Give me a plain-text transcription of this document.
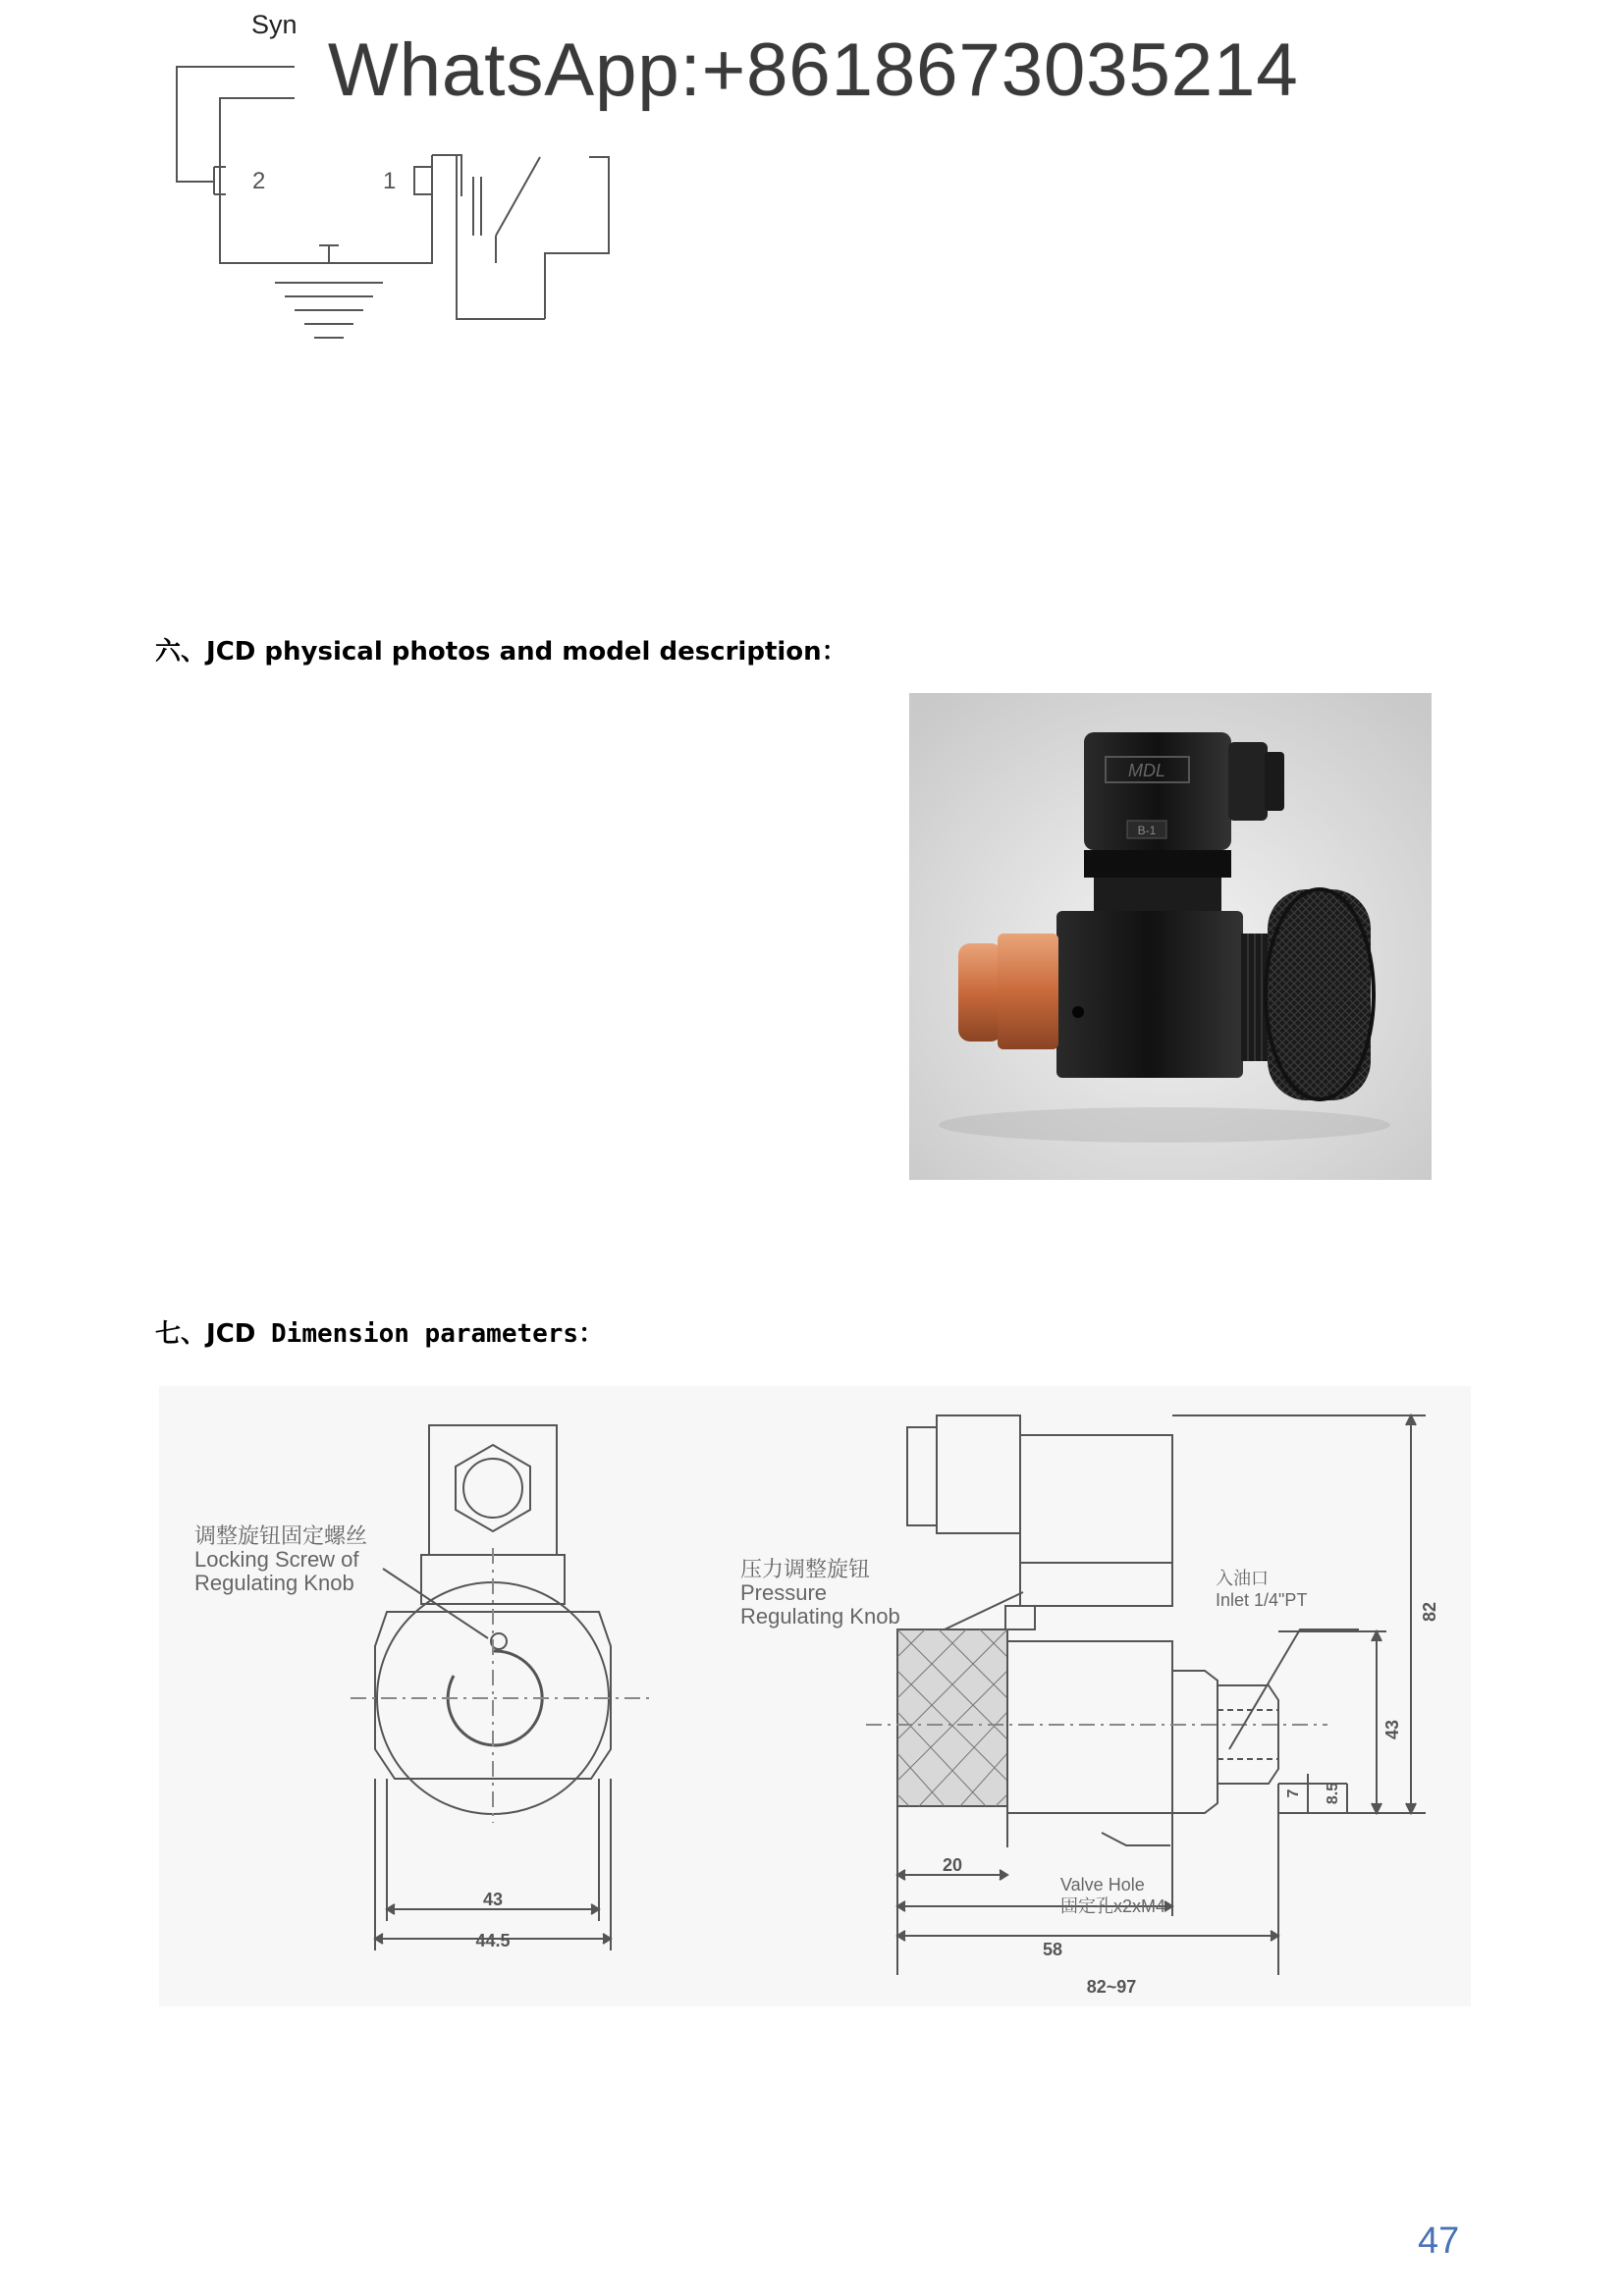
Syn
2	1
WhatsApp:+8618673035214
六、JCD physical photos and model description：
MDL
B-1
七、JCD Dimension parameters：
调整旋钮固定螺丝
Locking Screw of
Regulating Knob
43
44.5
压力调整旋钮
Pressure
Regulating Knob
入油口
Inlet 1/4"PT
Valve Hole
固定孔x2xM4
20
58
82~97
82
43
7 8.5
47
